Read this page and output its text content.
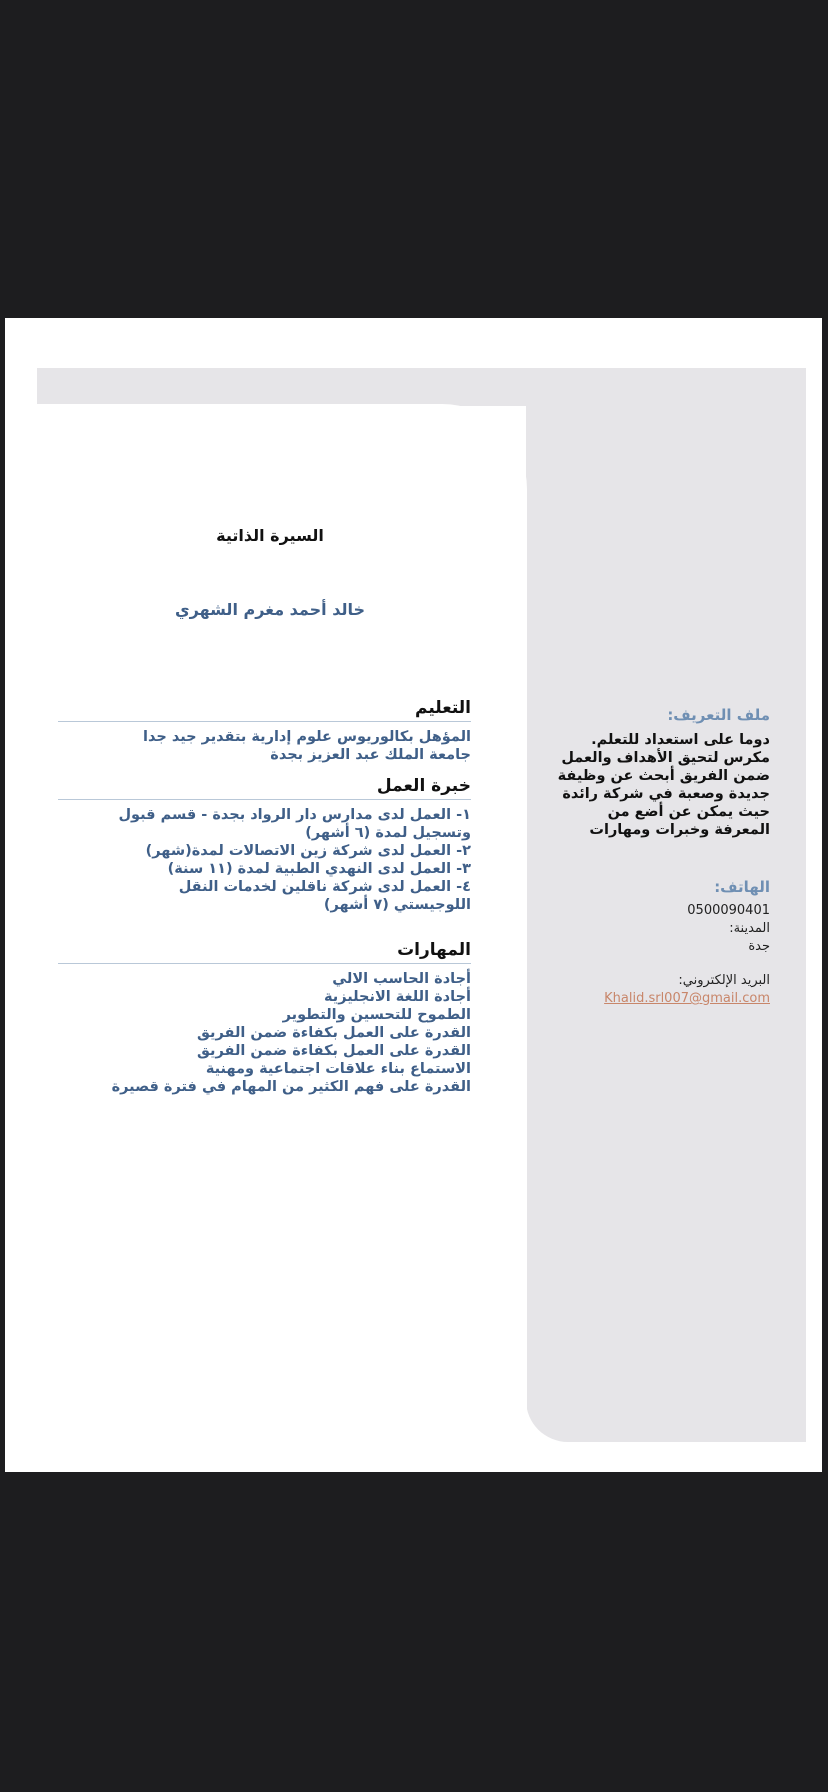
السيرة الذاتية
خالد أحمد مغرم الشهري
التعليم
المؤهل بكالوريوس علوم إدارية بتقدير جيد جدا
جامعة الملك عبد العزيز بجدة
خبرة العمل
١- العمل لدى مدارس دار الرواد بجدة - قسم قبول وتسجيل لمدة (٦ أشهر)
٢- العمل لدى شركة زين الاتصالات لمدة(شهر)
٣- العمل لدى النهدي الطبية لمدة (١١ سنة)
٤- العمل لدى شركة ناقلين لخدمات النقل اللوجيستي (٧ أشهر)
المهارات
أجادة الحاسب الالي
أجادة اللغة الانجليزية
الطموح للتحسين والتطوير
القدرة على العمل بكفاءة ضمن الفريق
القدرة على العمل بكفاءة ضمن الفريق
الاستماع بناء علاقات اجتماعية ومهنية
القدرة على فهم الكثير من المهام في فترة قصيرة
ملف التعريف:
دوما على استعداد للتعلم. مكرس لتحيق الأهداف والعمل ضمن الفريق أبحث عن وظيفة جديدة وصعبة في شركة رائدة حيث يمكن عن أضع من المعرفة وخبرات ومهارات
الهاتف:
0500090401
المدينة:
جدة
البريد الإلكتروني:
Khalid.srl007@gmail.com
